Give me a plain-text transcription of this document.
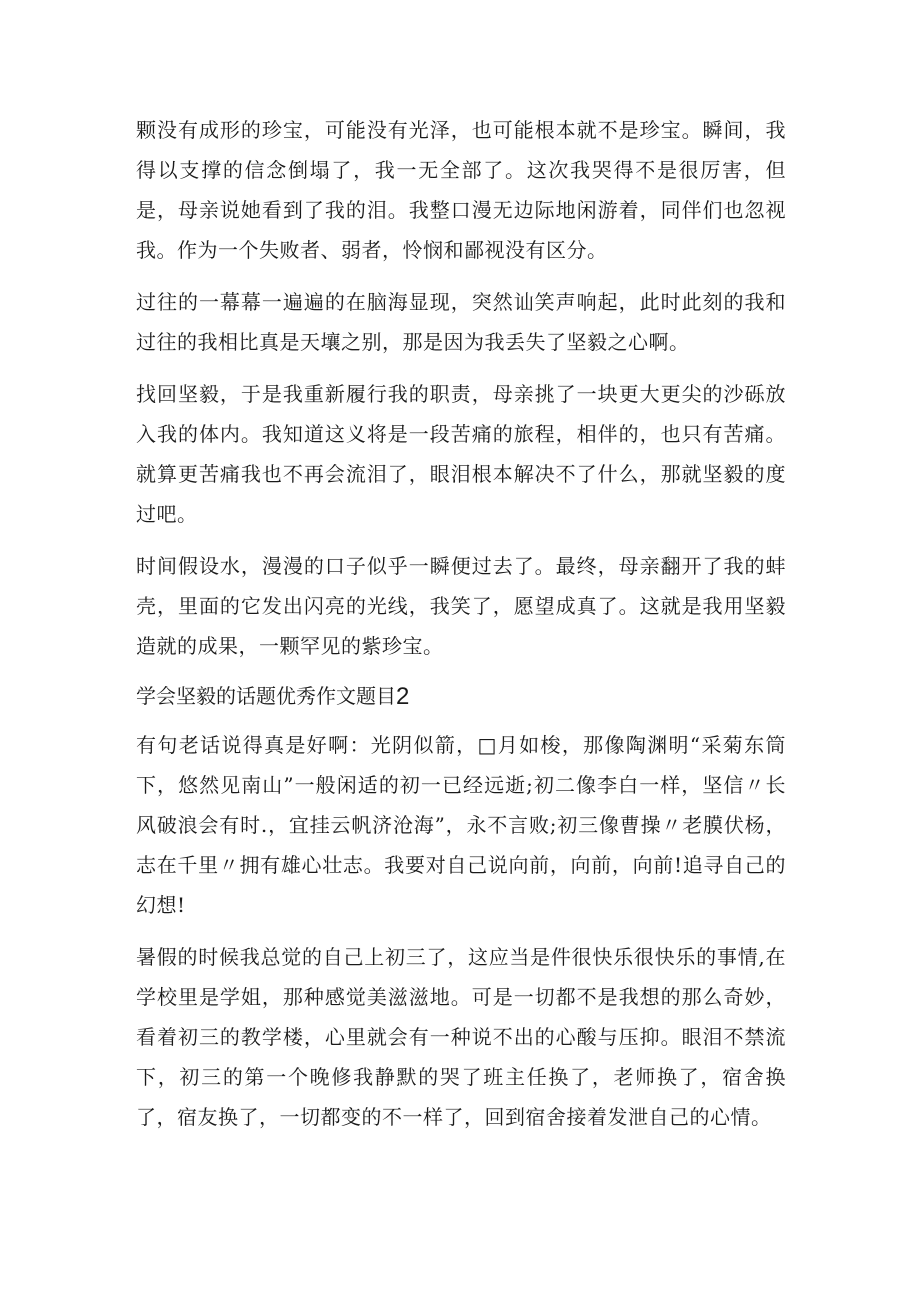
颗没有成形的珍宝，可能没有光泽，也可能根本就不是珍宝。瞬间，我得以支撑的信念倒塌了，我一无全部了。这次我哭得不是很厉害，但是，母亲说她看到了我的泪。我整口漫无边际地闲游着，同伴们也忽视我。作为一个失败者、弱者，怜悯和鄙视没有区分。

过往的一幕幕一遍遍的在脑海显现，突然讪笑声响起，此时此刻的我和过往的我相比真是天壤之别，那是因为我丢失了坚毅之心啊。

找回坚毅，于是我重新履行我的职责，母亲挑了一块更大更尖的沙砾放入我的体内。我知道这义将是一段苦痛的旅程，相伴的，也只有苦痛。就算更苦痛我也不再会流泪了，眼泪根本解决不了什么，那就坚毅的度过吧。

时间假设水，漫漫的口子似乎一瞬便过去了。最终，母亲翻开了我的蚌壳，里面的它发出闪亮的光线，我笑了，愿望成真了。这就是我用坚毅造就的成果，一颗罕见的紫珍宝。

学会坚毅的话题优秀作文题目2

有句老话说得真是好啊：光阴似箭，□月如梭，那像陶渊明“采菊东筒下，悠然见南山”一般闲适的初一已经远逝;初二像李白一样，坚信〃长风破浪会有时.，宜挂云帆济沧海”，永不言败;初三像曹操〃老膜伏杨，志在千里〃拥有雄心壮志。我要对自己说向前，向前，向前!追寻自己的幻想!

暑假的时候我总觉的自己上初三了，这应当是件很快乐很快乐的事情,在学校里是学姐，那种感觉美滋滋地。可是一切都不是我想的那么奇妙，看着初三的教学楼，心里就会有一种说不出的心酸与压抑。眼泪不禁流下，初三的第一个晚修我静默的哭了班主任换了，老师换了，宿舍换了，宿友换了，一切都变的不一样了，回到宿舍接着发泄自己的心情。
